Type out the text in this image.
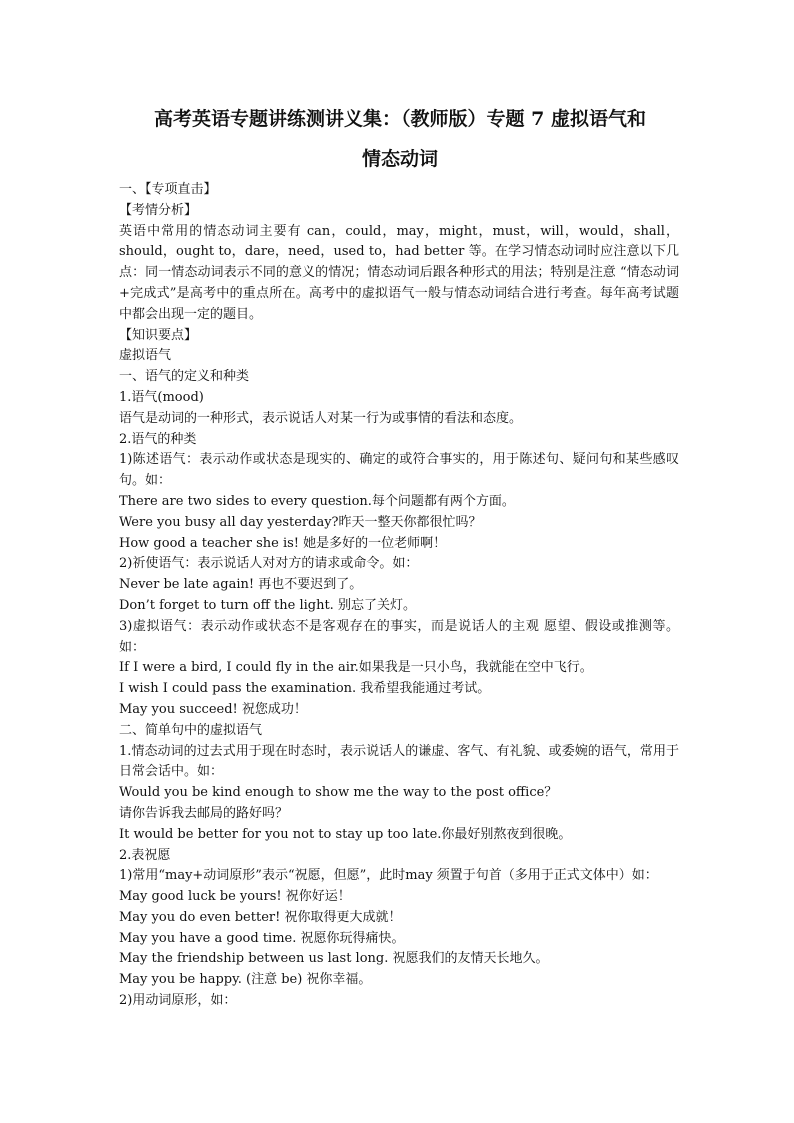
高考英语专题讲练测讲义集：（教师版）专题 7 虚拟语气和
情态动词

一、【专项直击】

【考情分析】

英语中常用的情态动词主要有 can，could，may，might，must，will，would，shall，should，ought to，dare，need，used to，had better 等。在学习情态动词时应注意以下几点：同一情态动词表示不同的意义的情况；情态动词后跟各种形式的用法；特别是注意 “情态动词+完成式”是高考中的重点所在。高考中的虚拟语气一般与情态动词结合进行考查。每年高考试题中都会出现一定的题目。

【知识要点】

虚拟语气

一、语气的定义和种类

1.语气(mood)

语气是动词的一种形式，表示说话人对某一行为或事情的看法和态度。

2.语气的种类

1)陈述语气：表示动作或状态是现实的、确定的或符合事实的，用于陈述句、疑问句和某些感叹句。如：

There are two sides to every question.每个问题都有两个方面。

Were you busy all day yesterday?昨天一整天你都很忙吗？

How good a teacher she is! 她是多好的一位老师啊！

2)祈使语气：表示说话人对对方的请求或命令。如：

Never be late again! 再也不要迟到了。

Don’t forget to turn off the light. 别忘了关灯。

3)虚拟语气：表示动作或状态不是客观存在的事实，而是说话人的主观 愿望、假设或推测等。如：

If I were a bird, I could fly in the air.如果我是一只小鸟，我就能在空中飞行。

I wish I could pass the examination. 我希望我能通过考试。

May you succeed! 祝您成功！

二、简单句中的虚拟语气

1.情态动词的过去式用于现在时态时，表示说话人的谦虚、客气、有礼貌、或委婉的语气，常用于日常会话中。如：

Would you be kind enough to show me the way to the post office？

请你告诉我去邮局的路好吗？

It would be better for you not to stay up too late.你最好别熬夜到很晚。

2.表祝愿

1)常用“may+动词原形”表示“祝愿，但愿”，此时may 须置于句首（多用于正式文体中）如：

May good luck be yours! 祝你好运！

May you do even better! 祝你取得更大成就！

May you have a good time. 祝愿你玩得痛快。

May the friendship between us last long. 祝愿我们的友情天长地久。

May you be happy. (注意 be) 祝你幸福。

2)用动词原形，如：
